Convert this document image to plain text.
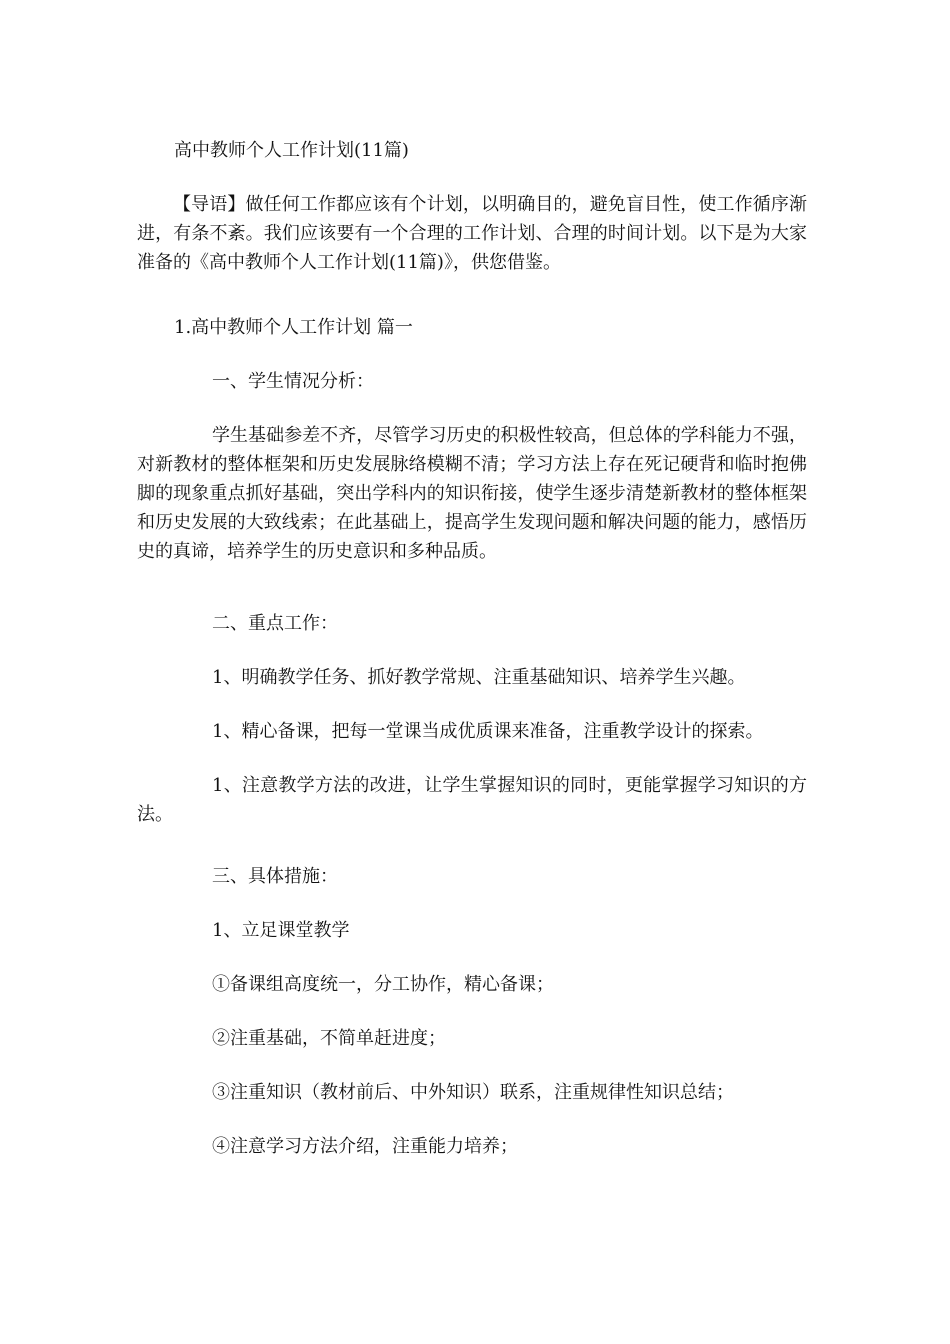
高中教师个人工作计划(11篇)

【导语】做任何工作都应该有个计划，以明确目的，避免盲目性，使工作循序渐进，有条不紊。我们应该要有一个合理的工作计划、合理的时间计划。以下是为大家准备的《高中教师个人工作计划(11篇)》，供您借鉴。

1.高中教师个人工作计划 篇一

一、学生情况分析：

学生基础参差不齐，尽管学习历史的积极性较高，但总体的学科能力不强，对新教材的整体框架和历史发展脉络模糊不清；学习方法上存在死记硬背和临时抱佛脚的现象重点抓好基础，突出学科内的知识衔接，使学生逐步清楚新教材的整体框架和历史发展的大致线索；在此基础上，提高学生发现问题和解决问题的能力，感悟历史的真谛，培养学生的历史意识和多种品质。

二、重点工作：

1、明确教学任务、抓好教学常规、注重基础知识、培养学生兴趣。

1、精心备课，把每一堂课当成优质课来准备，注重教学设计的探索。

1、注意教学方法的改进，让学生掌握知识的同时，更能掌握学习知识的方法。

三、具体措施：

1、立足课堂教学

①备课组高度统一，分工协作，精心备课；

②注重基础，不简单赶进度；

③注重知识（教材前后、中外知识）联系，注重规律性知识总结；

④注意学习方法介绍，注重能力培养；
